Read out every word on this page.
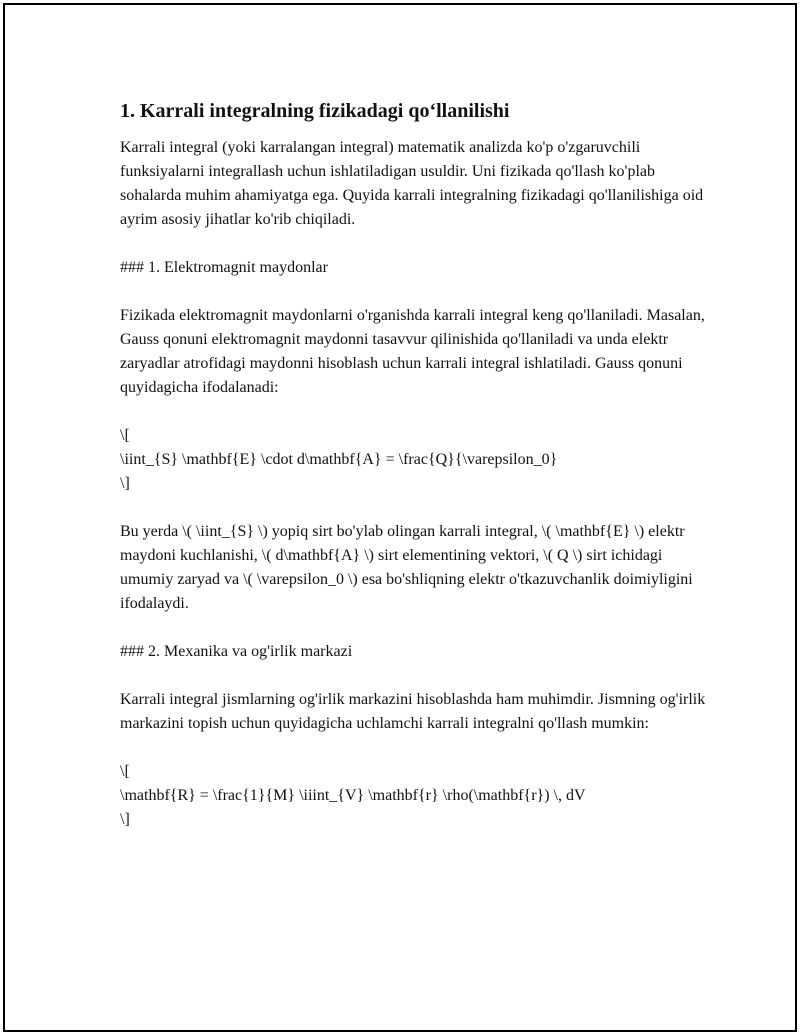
1. Karrali integralning fizikadagi qoʻllanilishi
Karrali integral (yoki karralangan integral) matematik analizda ko'p o'zgaruvchili funksiyalarni integrallash uchun ishlatiladigan usuldir. Uni fizikada qo'llash ko'plab sohalarda muhim ahamiyatga ega. Quyida karrali integralning fizikadagi qo'llanilishiga oid ayrim asosiy jihatlar ko'rib chiqiladi.
### 1. Elektromagnit maydonlar
Fizikada elektromagnit maydonlarni o'rganishda karrali integral keng qo'llaniladi. Masalan, Gauss qonuni elektromagnit maydonni tasavvur qilinishida qo'llaniladi va unda elektr zaryadlar atrofidagi maydonni hisoblash uchun karrali integral ishlatiladi. Gauss qonuni quyidagicha ifodalanadi:
\[
\iint_{S} \mathbf{E} \cdot d\mathbf{A} = \frac{Q}{\varepsilon_0}
\]
Bu yerda \( \iint_{S} \) yopiq sirt bo'ylab olingan karrali integral, \( \mathbf{E} \) elektr maydoni kuchlanishi, \( d\mathbf{A} \) sirt elementining vektori, \( Q \) sirt ichidagi umumiy zaryad va \( \varepsilon_0 \) esa bo'shliqning elektr o'tkazuvchanlik doimiyligini ifodalaydi.
### 2. Mexanika va og'irlik markazi
Karrali integral jismlarning og'irlik markazini hisoblashda ham muhimdir. Jismning og'irlik markazini topish uchun quyidagicha uchlamchi karrali integralni qo'llash mumkin:
\[
\mathbf{R} = \frac{1}{M} \iiint_{V} \mathbf{r} \rho(\mathbf{r}) \, dV
\]
